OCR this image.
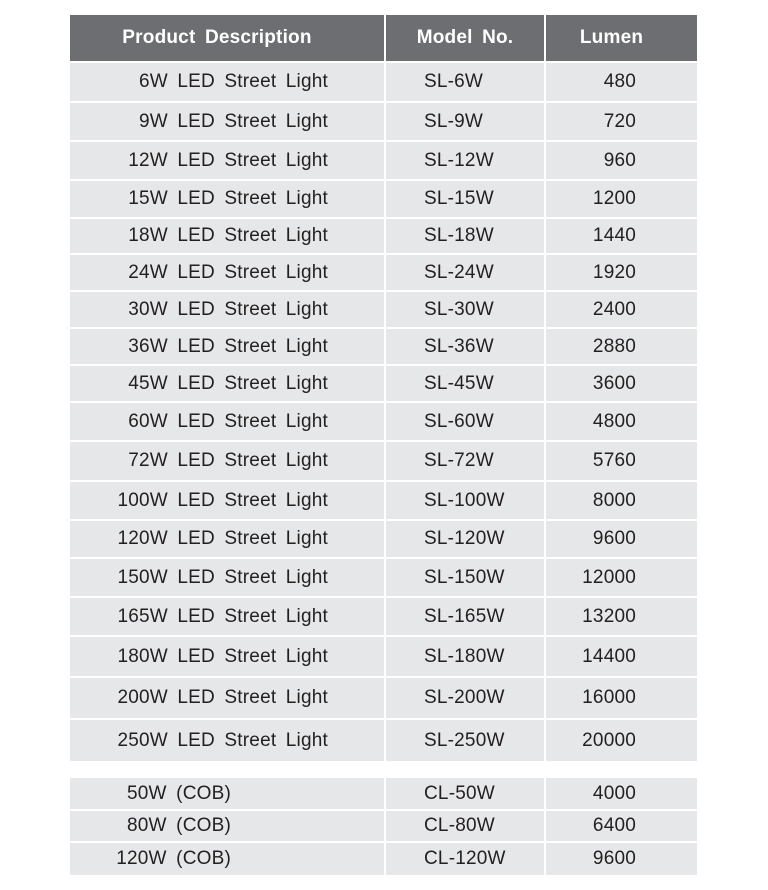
Product Description	Model No.	Lumen
6W LED Street Light	SL-6W	480
9W LED Street Light	SL-9W	720
12W LED Street Light	SL-12W	960
15W LED Street Light	SL-15W	1200
18W LED Street Light	SL-18W	1440
24W LED Street Light	SL-24W	1920
30W LED Street Light	SL-30W	2400
36W LED Street Light	SL-36W	2880
45W LED Street Light	SL-45W	3600
60W LED Street Light	SL-60W	4800
72W LED Street Light	SL-72W	5760
100W LED Street Light	SL-100W	8000
120W LED Street Light	SL-120W	9600
150W LED Street Light	SL-150W	12000
165W LED Street Light	SL-165W	13200
180W LED Street Light	SL-180W	14400
200W LED Street Light	SL-200W	16000
250W LED Street Light	SL-250W	20000
50W (COB)	CL-50W	4000
80W (COB)	CL-80W	6400
120W (COB)	CL-120W	9600
